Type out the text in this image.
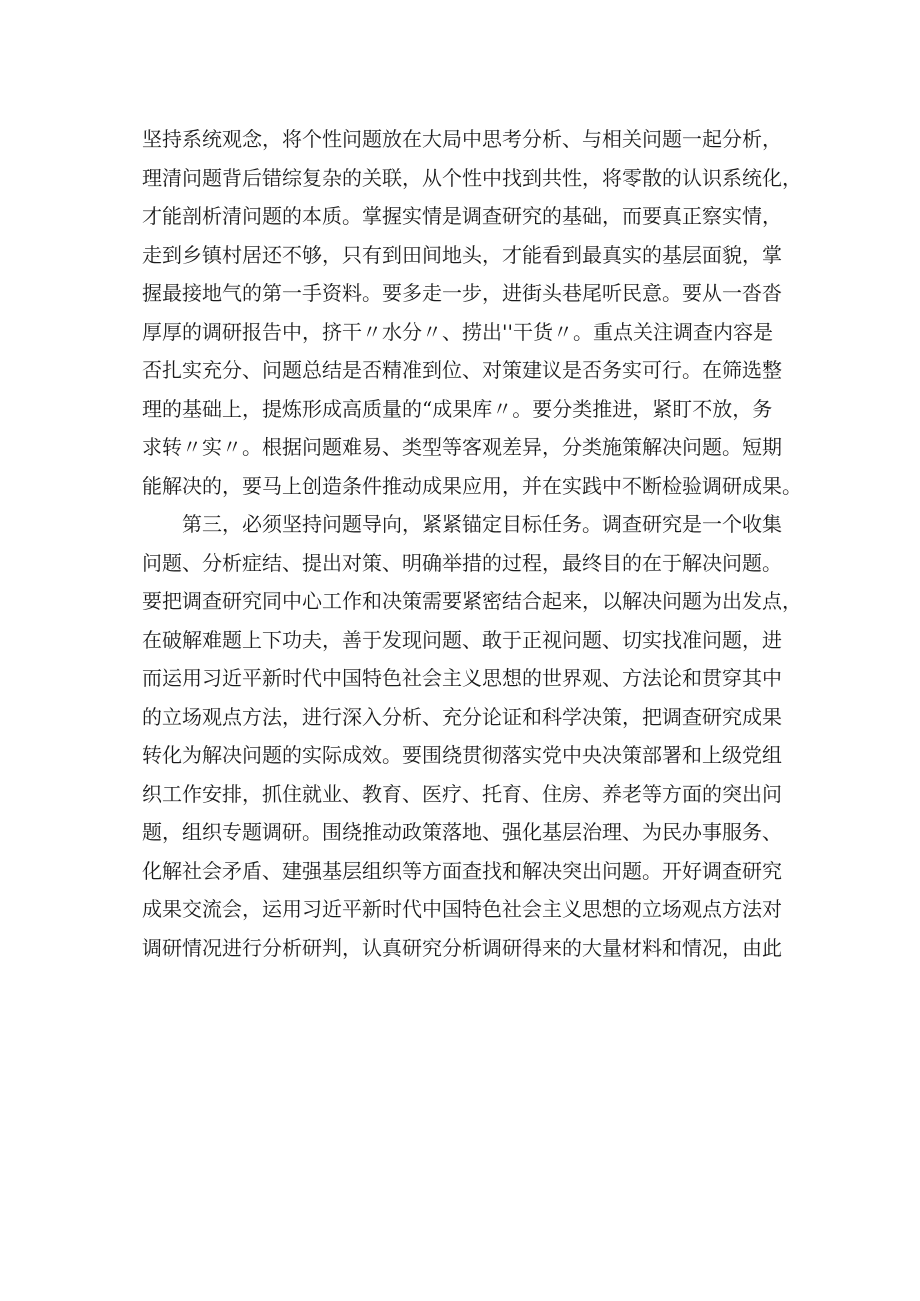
坚持系统观念，将个性问题放在大局中思考分析、与相关问题一起分析，
理清问题背后错综复杂的关联，从个性中找到共性，将零散的认识系统化，
才能剖析清问题的本质。掌握实情是调查研究的基础，而要真正察实情，
走到乡镇村居还不够，只有到田间地头，才能看到最真实的基层面貌，掌
握最接地气的第一手资料。要多走一步，进街头巷尾听民意。要从一沓沓
厚厚的调研报告中，挤干〃水分〃、捞出''干货〃。重点关注调查内容是
否扎实充分、问题总结是否精准到位、对策建议是否务实可行。在筛选整
理的基础上，提炼形成高质量的“成果库〃。要分类推进，紧盯不放，务
求转〃实〃。根据问题难易、类型等客观差异，分类施策解决问题。短期
能解决的，要马上创造条件推动成果应用，并在实践中不断检验调研成果。
第三，必须坚持问题导向，紧紧锚定目标任务。调查研究是一个收集
问题、分析症结、提出对策、明确举措的过程，最终目的在于解决问题。
要把调查研究同中心工作和决策需要紧密结合起来，以解决问题为出发点，
在破解难题上下功夫，善于发现问题、敢于正视问题、切实找准问题，进
而运用习近平新时代中国特色社会主义思想的世界观、方法论和贯穿其中
的立场观点方法，进行深入分析、充分论证和科学决策，把调查研究成果
转化为解决问题的实际成效。要围绕贯彻落实党中央决策部署和上级党组
织工作安排，抓住就业、教育、医疗、托育、住房、养老等方面的突出问
题，组织专题调研。围绕推动政策落地、强化基层治理、为民办事服务、
化解社会矛盾、建强基层组织等方面查找和解决突出问题。开好调查研究
成果交流会，运用习近平新时代中国特色社会主义思想的立场观点方法对
调研情况进行分析研判，认真研究分析调研得来的大量材料和情况，由此
